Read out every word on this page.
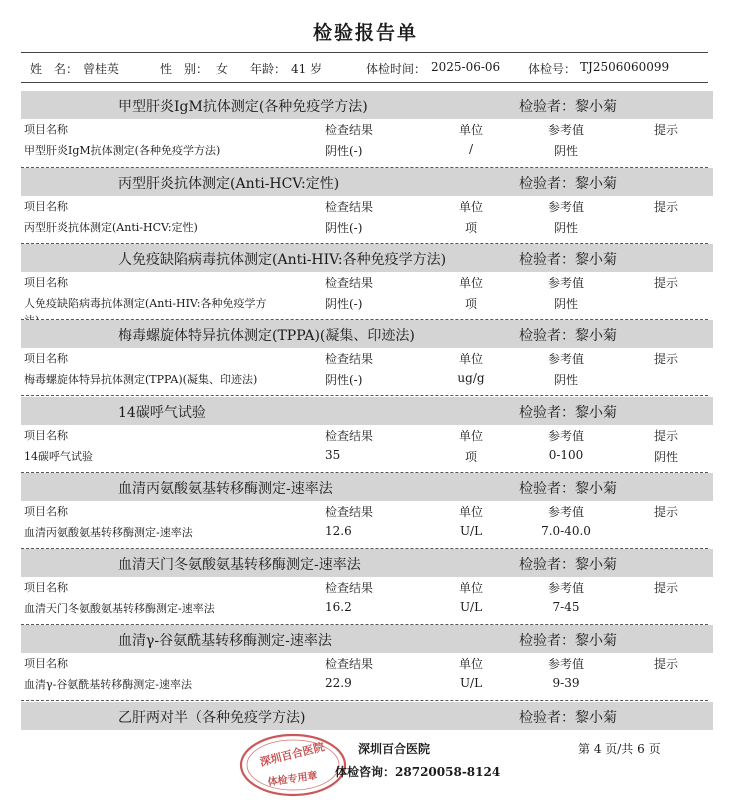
检验报告单
姓　名： 曾桂英	性　别： 女 年龄： 41 岁	体检时间： 2025-06-06 体检号： TJ2506060099
甲型肝炎IgM抗体测定(各种免疫学方法)	检验者：黎小菊
项目名称	检查结果	单位	参考值	提示
甲型肝炎IgM抗体测定(各种免疫学方法)	阴性(-)	/	阴性
丙型肝炎抗体测定(Anti-HCV:定性)	检验者：黎小菊
项目名称	检查结果	单位	参考值	提示
丙型肝炎抗体测定(Anti-HCV:定性)	阴性(-)	项	阴性
人免疫缺陷病毒抗体测定(Anti-HIV:各种免疫学方法)	检验者：黎小菊
项目名称	检查结果	单位	参考值	提示
人免疫缺陷病毒抗体测定(Anti-HIV:各种免疫学方	阴性(-)	项	阴性
梅毒螺旋体特异抗体测定(TPPA)(凝集、印迹法)	检验者：黎小菊
项目名称	检查结果	单位	参考值	提示
梅毒螺旋体特异抗体测定(TPPA)(凝集、印迹法)	阴性(-)	ug/g	阴性
14碳呼气试验	检验者：黎小菊
项目名称	检查结果	单位	参考值	提示
14碳呼气试验	35	项	0-100	阴性
血清丙氨酸氨基转移酶测定-速率法	检验者：黎小菊
项目名称	检查结果	单位	参考值	提示
血清丙氨酸氨基转移酶测定-速率法	12.6	U/L	7.0-40.0
血清天门冬氨酸氨基转移酶测定-速率法	检验者：黎小菊
项目名称	检查结果	单位	参考值	提示
血清天门冬氨酸氨基转移酶测定-速率法	16.2	U/L	7-45
血清γ-谷氨酰基转移酶测定-速率法	检验者：黎小菊
项目名称	检查结果	单位	参考值	提示
血清γ-谷氨酰基转移酶测定-速率法	22.9	U/L	9-39
乙肝两对半（各种免疫学方法)	检验者：黎小菊
深圳百合医院
体检专用章
深圳百合医院
体检咨询：28720058-8124
第 4 页/共 6 页
